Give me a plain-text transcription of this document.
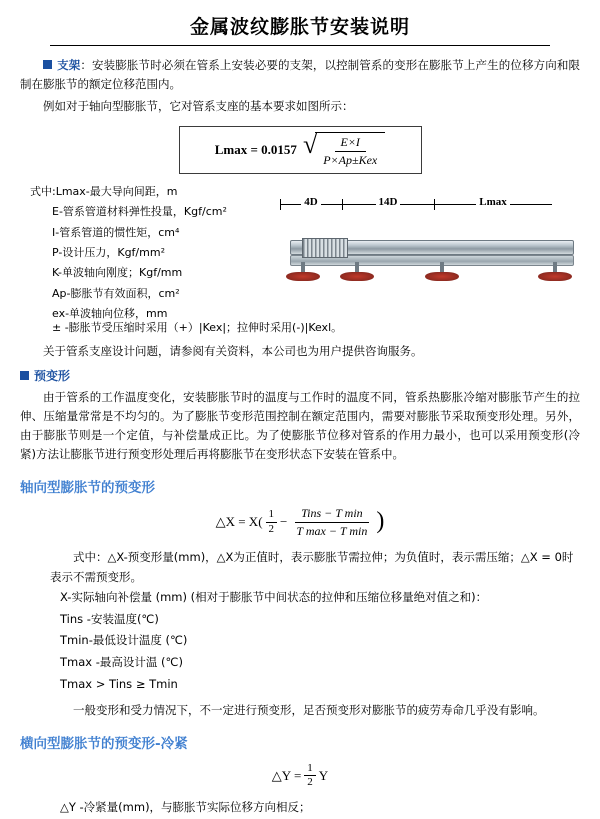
金属波纹膨胀节安装说明
支架：安装膨胀节时必须在管系上安装必要的支架，以控制管系的变形在膨胀节上产生的位移方向和限制在膨胀节的额定位移范围内。
例如对于轴向型膨胀节，它对管系支座的基本要求如图所示：
Lmax = 0.0157 √ $\frac{E\times I}{\text{P×Ap±Kex}}$
式中:Lmax-最大导向间距，m
E-管系管道材料弹性投量，Kgf/cm²
I-管系管道的惯性矩，cm⁴
P-设计压力，Kgf/mm²
K-单波轴向刚度；Kgf/mm
Ap-膨胀节有效面积，cm²
ex-单波轴向位移，mm
4D	14D	Lmax
± -膨胀节受压缩时采用（+）|Kex|；拉伸时采用(-)|Kexl。
关于管系支座设计问题，请参阅有关资料，本公司也为用户提供咨询服务。
预变形
由于管系的工作温度变化，安装膨胀节时的温度与工作时的温度不同，管系热膨胀冷缩对膨胀节产生的拉伸、压缩量常常是不均匀的。为了膨胀节变形范围控制在额定范围内，需要对膨胀节采取预变形处理。另外，由于膨胀节则是一个定值，与补偿量成正比。为了使膨胀节位移对管系的作用力最小，也可以采用预变形(冷紧)方法让膨胀节进行预变形处理后再将膨胀节在变形状态下安装在管系中。
轴向型膨胀节的预变形
△X = $X( \frac{1}{2} - \frac{\text{Tins − T min}}{\text{T max − T min}}$ )
式中：△X-预变形量(mm)，△X为正值时，表示膨胀节需拉伸；为负值时，表示需压缩；△X = 0时表示不需预变形。
X-实际轴向补偿量 (mm) (相对于膨胀节中间状态的拉伸和压缩位移量绝对值之和)：
Tins -安装温度(℃)
Tmin-最低设计温度 (℃)
Tmax -最高设计温 (℃)
Tmax > Tins ≥ Tmin
一般变形和受力情况下，不一定进行预变形，足否预变形对膨胀节的疲劳寿命几乎没有影响。
横向型膨胀节的预变形-冷紧
△Y = $\frac{1}{2}$ Y
△Y -冷紧量(mm)，与膨胀节实际位移方向相反；
